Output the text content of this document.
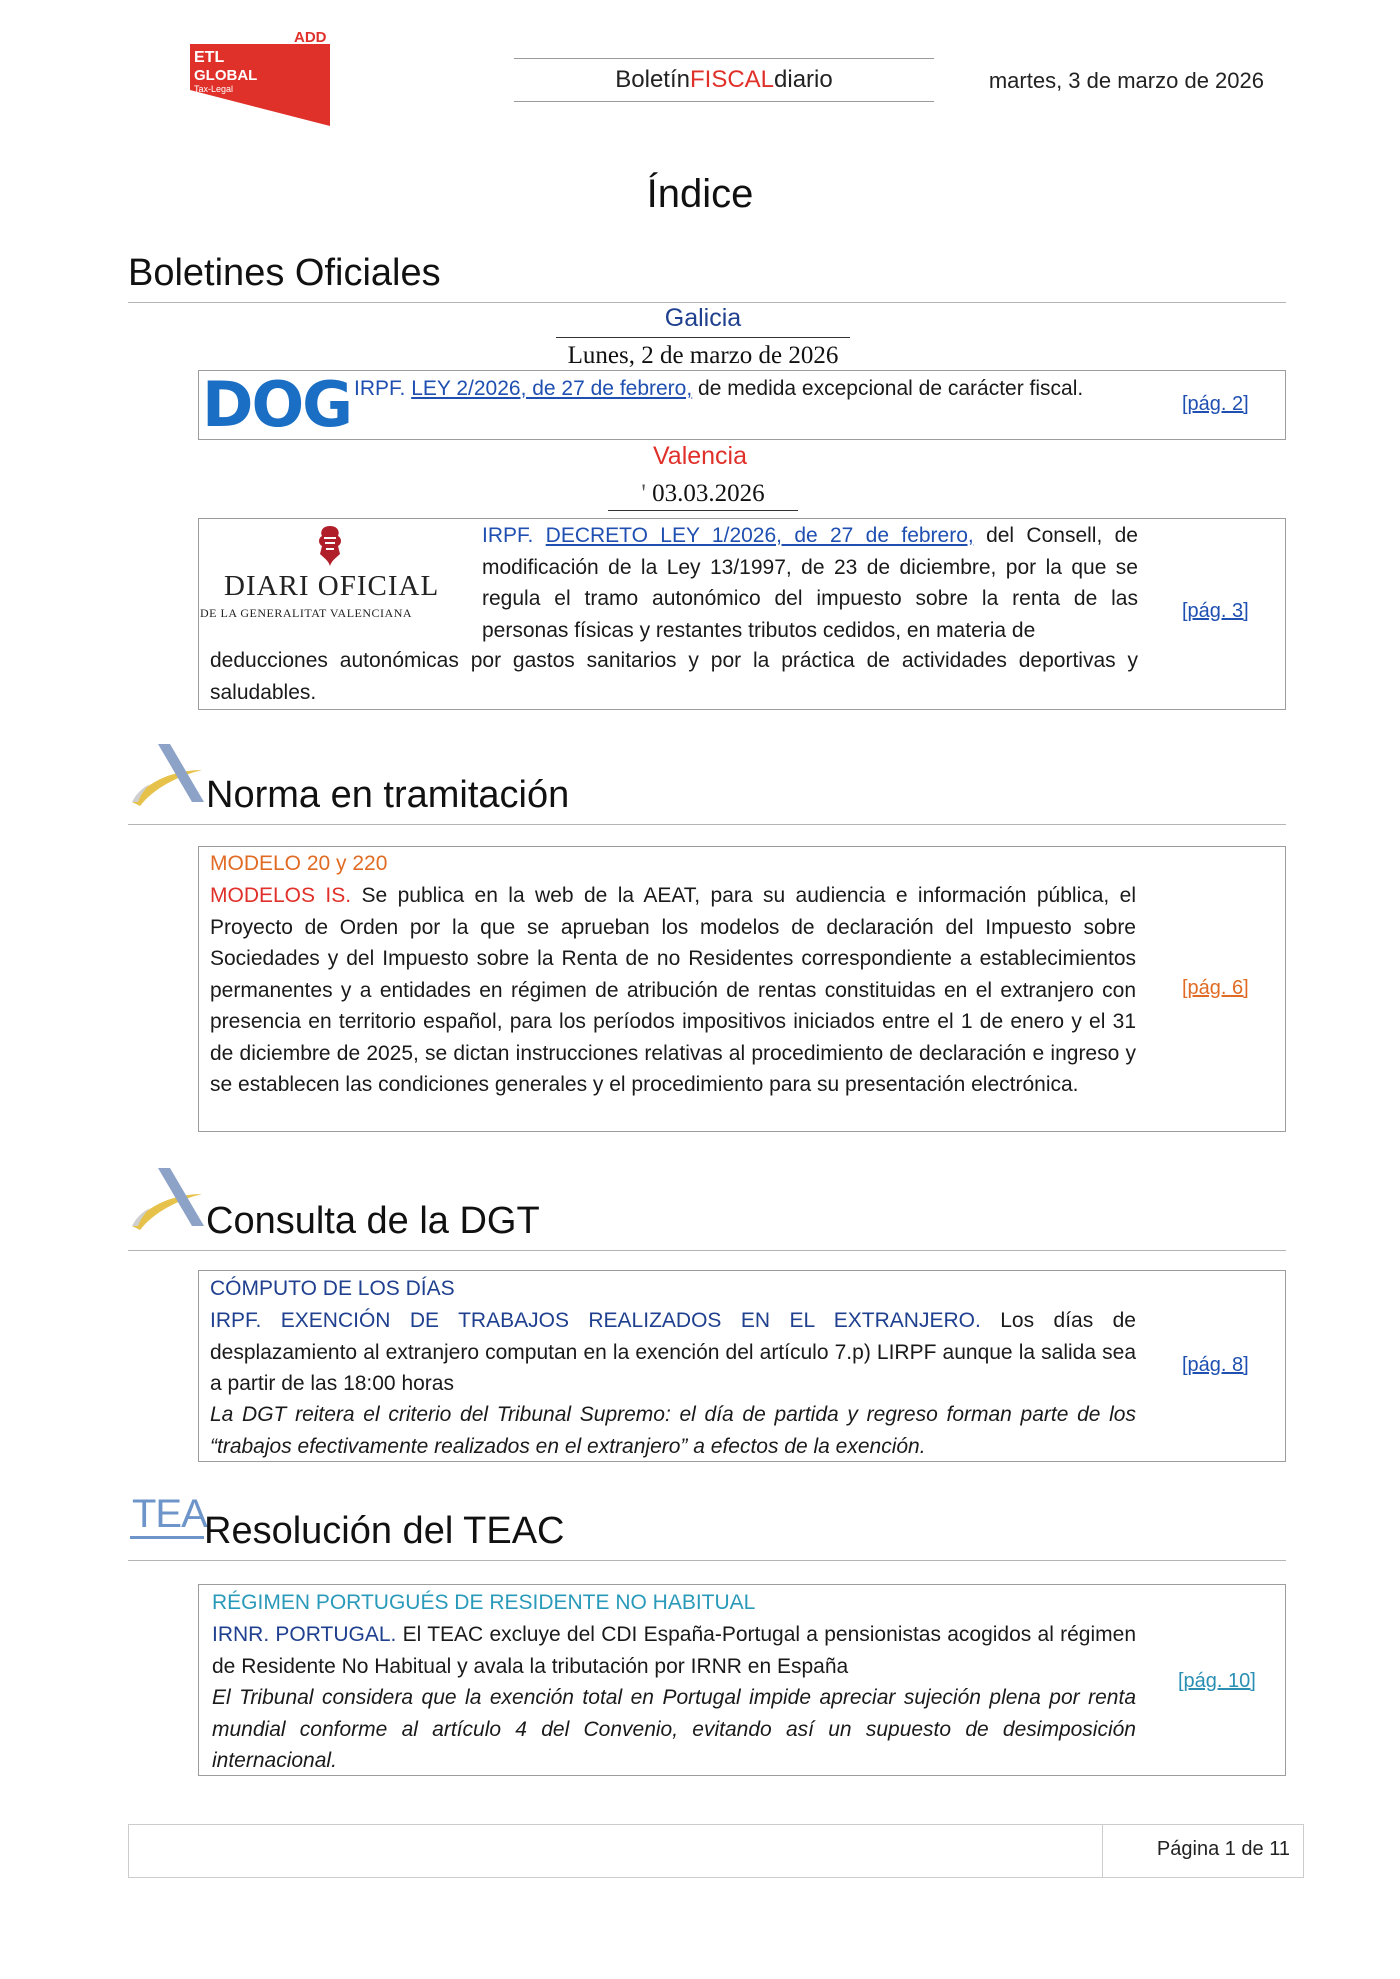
ADD
ETL
GLOBAL
Tax-Legal	Boletín FISCAL diario	martes, 3 de marzo de 2026
Índice
Boletines Oficiales
Galicia
Lunes, 2 de marzo de 2026
DOG IRPF. LEY 2/2026, de 27 de febrero, de medida excepcional de carácter fiscal.
[pág. 2]
Valencia
' 03.03.2026
DIARI OFICIAL
DE LA GENERALITAT VALENCIANA
IRPF. DECRETO LEY 1/2026, de 27 de febrero, del Consell, de modificación de la Ley 13/1997, de 23 de diciembre, por la que se regula el tramo autonómico del impuesto sobre la renta de las personas físicas y restantes tributos cedidos, en materia de
deducciones autonómicas por gastos sanitarios y por la práctica de actividades deportivas y saludables.
[pág. 3]
Norma en tramitación
MODELO 20 y 220
MODELOS IS. Se publica en la web de la AEAT, para su audiencia e información pública, el Proyecto de Orden por la que se aprueban los modelos de declaración del Impuesto sobre Sociedades y del Impuesto sobre la Renta de no Residentes correspondiente a establecimientos permanentes y a entidades en régimen de atribución de rentas constituidas en el extranjero con presencia en territorio español, para los períodos impositivos iniciados entre el 1 de enero y el 31 de diciembre de 2025, se dictan instrucciones relativas al procedimiento de declaración e ingreso y se establecen las condiciones generales y el procedimiento para su presentación electrónica.
[pág. 6]
Consulta de la DGT
CÓMPUTO DE LOS DÍAS
IRPF. EXENCIÓN DE TRABAJOS REALIZADOS EN EL EXTRANJERO. Los días de desplazamiento al extranjero computan en la exención del artículo 7.p) LIRPF aunque la salida sea a partir de las 18:00 horas
La DGT reitera el criterio del Tribunal Supremo: el día de partida y regreso forman parte de los “trabajos efectivamente realizados en el extranjero” a efectos de la exención.
[pág. 8]
TEA
Resolución del TEAC
RÉGIMEN PORTUGUÉS DE RESIDENTE NO HABITUAL
IRNR. PORTUGAL. El TEAC excluye del CDI España-Portugal a pensionistas acogidos al régimen de Residente No Habitual y avala la tributación por IRNR en España
El Tribunal considera que la exención total en Portugal impide apreciar sujeción plena por renta mundial conforme al artículo 4 del Convenio, evitando así un supuesto de desimposición internacional.
[pág. 10]
Página 1 de 11
